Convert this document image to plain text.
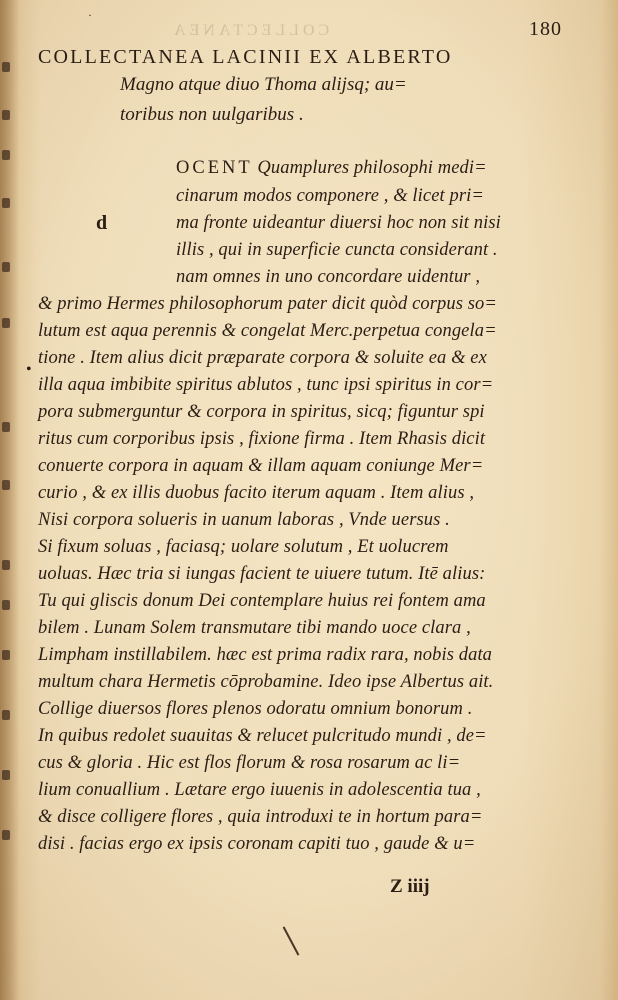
·
COLLECTANEA	180
COLLECTANEA LACINII EX ALBERTO
Magno atque diuo Thoma alijsq; au=
toribus non uulgaribus .
d
•
OCENT Quamplures philosophi medi=
cinarum modos componere , & licet pri=
ma fronte uideantur diuersi hoc non sit nisi
illis , qui in superficie cuncta considerant .
nam omnes in uno concordare uidentur ,
& primo Hermes philosophorum pater dicit quòd corpus so=
lutum est aqua perennis & congelat Merc.perpetua congela=
tione . Item alius dicit præparate corpora & soluite ea & ex
illa aqua imbibite spiritus ablutos , tunc ipsi spiritus in cor=
pora submerguntur & corpora in spiritus, sicq; figuntur spi
ritus cum corporibus ipsis , fixione firma . Item Rhasis dicit
conuerte corpora in aquam & illam aquam coniunge Mer=
curio , & ex illis duobus facito iterum aquam . Item alius ,
Nisi corpora solueris in uanum laboras , Vnde uersus .
Si fixum soluas , faciasq; uolare solutum , Et uolucrem
uoluas. Hæc tria si iungas facient te uiuere tutum. Itē alius:
Tu qui gliscis donum Dei contemplare huius rei fontem ama
bilem . Lunam Solem transmutare tibi mando uoce clara ,
Limpham instillabilem. hæc est prima radix rara, nobis data
multum chara Hermetis cōprobamine. Ideo ipse Albertus ait.
Collige diuersos flores plenos odoratu omnium bonorum .
In quibus redolet suauitas & relucet pulcritudo mundi , de=
cus & gloria . Hic est flos florum & rosa rosarum ac li=
lium conuallium . Lætare ergo iuuenis in adolescentia tua ,
& disce colligere flores , quia introduxi te in hortum para=
disi . facias ergo ex ipsis coronam capiti tuo , gaude & u=
Z iiij
